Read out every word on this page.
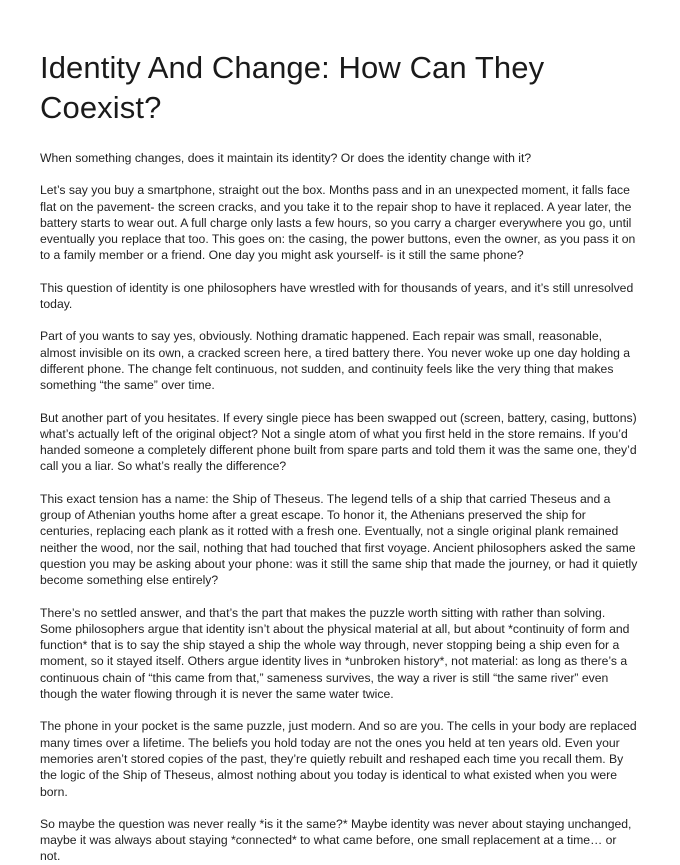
Identity And Change: How Can They Coexist?

When something changes, does it maintain its identity? Or does the identity change with it?

Let’s say you buy a smartphone, straight out the box. Months pass and in an unexpected moment, it falls face flat on the pavement- the screen cracks, and you take it to the repair shop to have it replaced. A year later, the battery starts to wear out. A full charge only lasts a few hours, so you carry a charger everywhere you go, until eventually you replace that too. This goes on: the casing, the power buttons, even the owner, as you pass it on to a family member or a friend. One day you might ask yourself- is it still the same phone?

This question of identity is one philosophers have wrestled with for thousands of years, and it’s still unresolved today.

Part of you wants to say yes, obviously. Nothing dramatic happened. Each repair was small, reasonable, almost invisible on its own, a cracked screen here, a tired battery there. You never woke up one day holding a different phone. The change felt continuous, not sudden, and continuity feels like the very thing that makes something “the same” over time.

But another part of you hesitates. If every single piece has been swapped out (screen, battery, casing, buttons) what’s actually left of the original object? Not a single atom of what you first held in the store remains. If you’d handed someone a completely different phone built from spare parts and told them it was the same one, they’d call you a liar. So what’s really the difference?

This exact tension has a name: the Ship of Theseus. The legend tells of a ship that carried Theseus and a group of Athenian youths home after a great escape. To honor it, the Athenians preserved the ship for centuries, replacing each plank as it rotted with a fresh one. Eventually, not a single original plank remained neither the wood, nor the sail, nothing that had touched that first voyage. Ancient philosophers asked the same question you may be asking about your phone: was it still the same ship that made the journey, or had it quietly become something else entirely?

There’s no settled answer, and that’s the part that makes the puzzle worth sitting with rather than solving. Some philosophers argue that identity isn’t about the physical material at all, but about *continuity of form and function* that is to say the ship stayed a ship the whole way through, never stopping being a ship even for a moment, so it stayed itself. Others argue identity lives in *unbroken history*, not material: as long as there’s a continuous chain of “this came from that,” sameness survives, the way a river is still “the same river” even though the water flowing through it is never the same water twice.

The phone in your pocket is the same puzzle, just modern. And so are you. The cells in your body are replaced many times over a lifetime. The beliefs you hold today are not the ones you held at ten years old. Even your memories aren’t stored copies of the past, they’re quietly rebuilt and reshaped each time you recall them. By the logic of the Ship of Theseus, almost nothing about you today is identical to what existed when you were born.

So maybe the question was never really *is it the same?* Maybe identity was never about staying unchanged, maybe it was always about staying *connected* to what came before, one small replacement at a time… or not.
